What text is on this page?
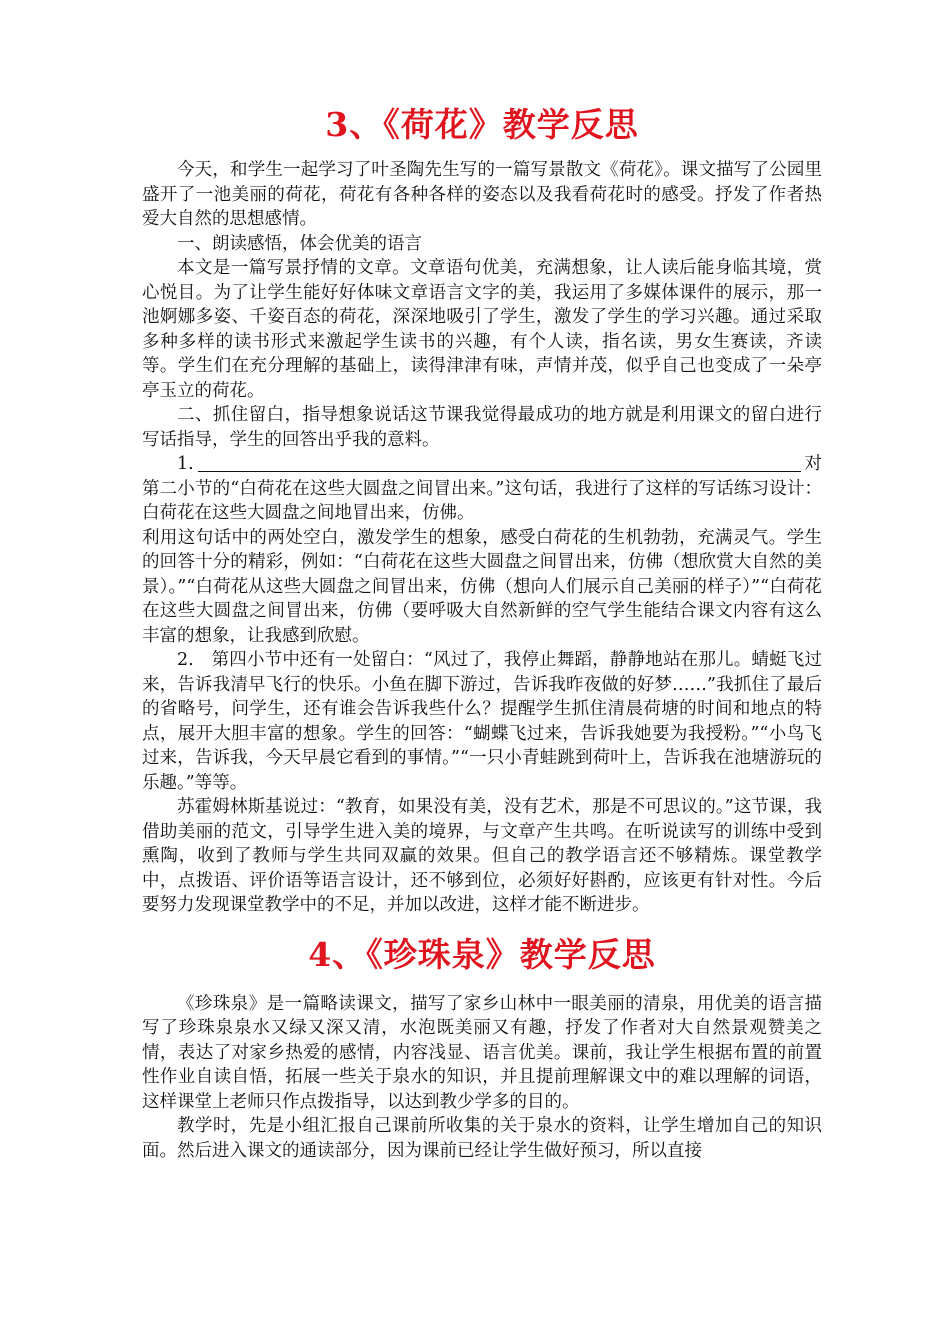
3、《荷花》教学反思

今天，和学生一起学习了叶圣陶先生写的一篇写景散文《荷花》。课文描写了公园里盛开了一池美丽的荷花，荷花有各种各样的姿态以及我看荷花时的感受。抒发了作者热爱大自然的思想感情。

一、朗读感悟，体会优美的语言

本文是一篇写景抒情的文章。文章语句优美，充满想象，让人读后能身临其境，赏心悦目。为了让学生能好好体味文章语言文字的美，我运用了多媒体课件的展示，那一池婀娜多姿、千姿百态的荷花，深深地吸引了学生，激发了学生的学习兴趣。通过采取多种多样的读书形式来激起学生读书的兴趣，有个人读，指名读，男女生赛读，齐读等。学生们在充分理解的基础上，读得津津有味，声情并茂，似乎自己也变成了一朵亭亭玉立的荷花。

二、抓住留白，指导想象说话这节课我觉得最成功的地方就是利用课文的留白进行写话指导，学生的回答出乎我的意料。

1.	对

第二小节的“白荷花在这些大圆盘之间冒出来。”这句话，我进行了这样的写话练习设计：白荷花在这些大圆盘之间地冒出来，仿佛。

利用这句话中的两处空白，激发学生的想象，感受白荷花的生机勃勃，充满灵气。学生的回答十分的精彩，例如：“白荷花在这些大圆盘之间冒出来，仿佛（想欣赏大自然的美景）。”“白荷花从这些大圆盘之间冒出来，仿佛（想向人们展示自己美丽的样子）”“白荷花在这些大圆盘之间冒出来，仿佛（要呼吸大自然新鲜的空气学生能结合课文内容有这么丰富的想象，让我感到欣慰。

2.　第四小节中还有一处留白：“风过了，我停止舞蹈，静静地站在那儿。蜻蜓飞过来，告诉我清早飞行的快乐。小鱼在脚下游过，告诉我昨夜做的好梦……”我抓住了最后的省略号，问学生，还有谁会告诉我些什么？提醒学生抓住清晨荷塘的时间和地点的特点，展开大胆丰富的想象。学生的回答：“蝴蝶飞过来，告诉我她要为我授粉。”“小鸟飞过来，告诉我，今天早晨它看到的事情。”“一只小青蛙跳到荷叶上，告诉我在池塘游玩的乐趣。”等等。

苏霍姆林斯基说过：“教育，如果没有美，没有艺术，那是不可思议的。”这节课，我借助美丽的范文，引导学生进入美的境界，与文章产生共鸣。在听说读写的训练中受到熏陶，收到了教师与学生共同双赢的效果。但自己的教学语言还不够精炼。课堂教学中，点拨语、评价语等语言设计，还不够到位，必须好好斟酌，应该更有针对性。今后要努力发现课堂教学中的不足，并加以改进，这样才能不断进步。

4、《珍珠泉》教学反思

《珍珠泉》是一篇略读课文，描写了家乡山林中一眼美丽的清泉，用优美的语言描写了珍珠泉泉水又绿又深又清，水泡既美丽又有趣，抒发了作者对大自然景观赞美之情，表达了对家乡热爱的感情，内容浅显、语言优美。课前，我让学生根据布置的前置性作业自读自悟，拓展一些关于泉水的知识，并且提前理解课文中的难以理解的词语，这样课堂上老师只作点拨指导，以达到教少学多的目的。

教学时，先是小组汇报自己课前所收集的关于泉水的资料，让学生增加自己的知识面。然后进入课文的通读部分，因为课前已经让学生做好预习，所以直接
